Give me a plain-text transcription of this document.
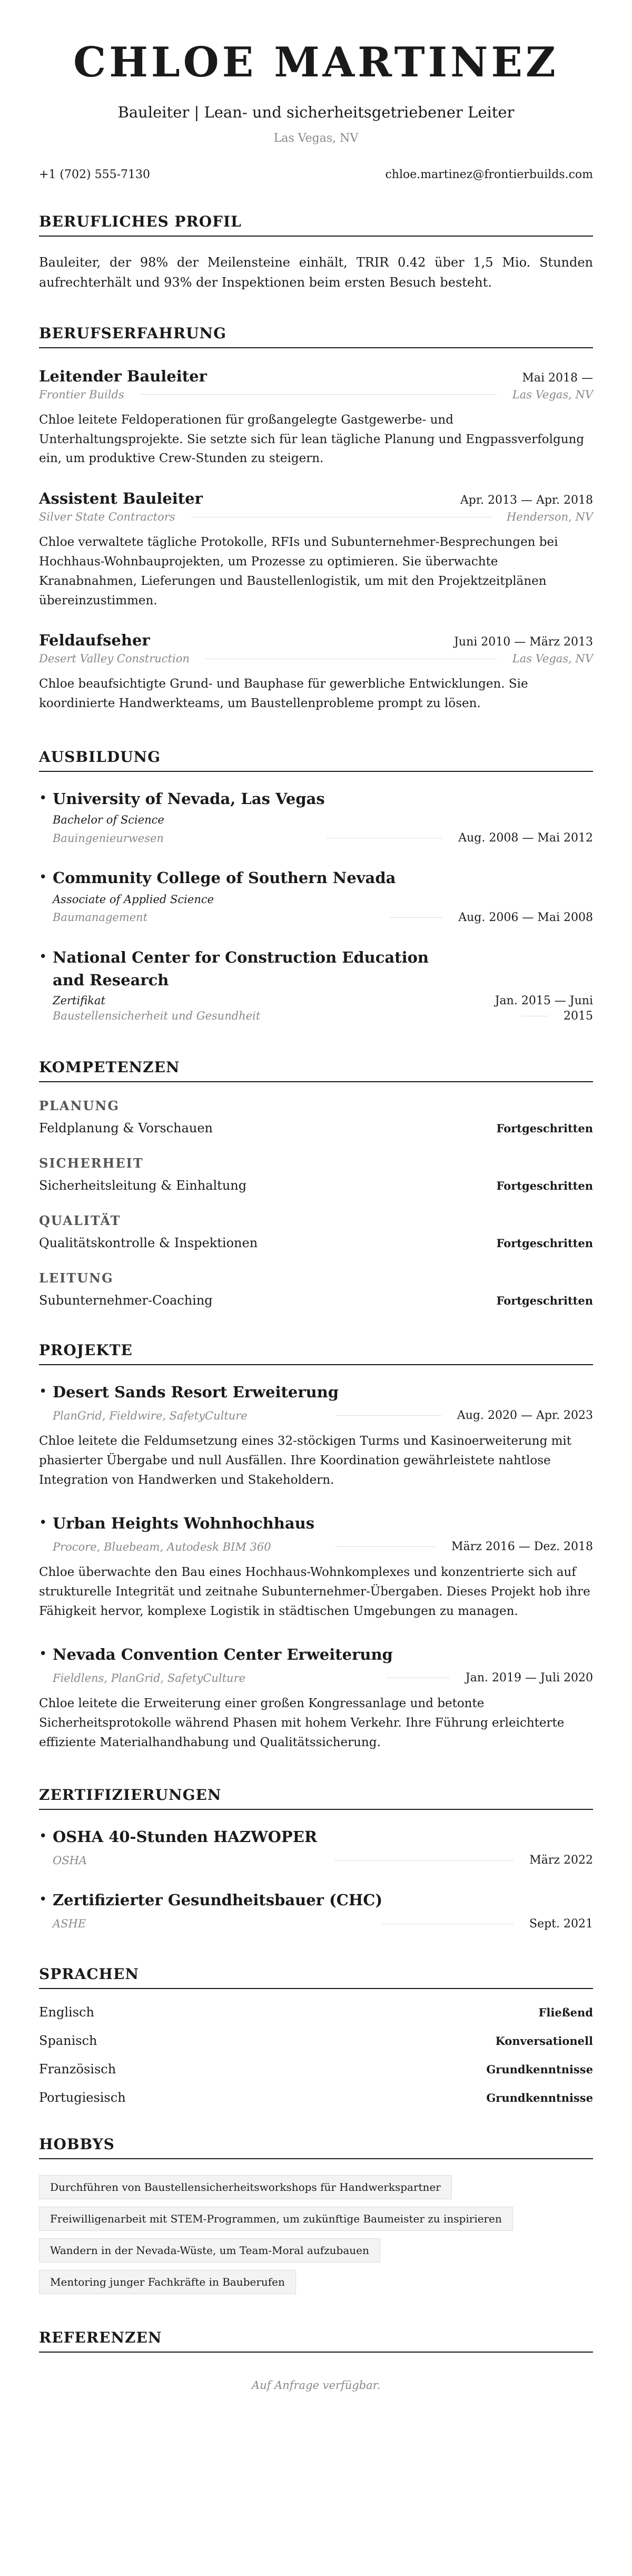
CHLOE MARTINEZ
Bauleiter | Lean- und sicherheitsgetriebener Leiter
Las Vegas, NV
+1 (702) 555-7130	chloe.martinez@frontierbuilds.com
BERUFLICHES PROFIL

Bauleiter, der 98% der Meilensteine einhält, TRIR 0.42 über 1,5 Mio. Stunden aufrechterhält und 93% der Inspektionen beim ersten Besuch besteht.

BERUFSERFAHRUNG
Leitender Bauleiter	Mai 2018 —
Frontier Builds	Las Vegas, NV
Chloe leitete Feldoperationen für großangelegte Gastgewerbe- und Unterhaltungsprojekte. Sie setzte sich für lean tägliche Planung und Engpassverfolgung ein, um produktive Crew-Stunden zu steigern.
Assistent Bauleiter	Apr. 2013 — Apr. 2018
Silver State Contractors	Henderson, NV
Chloe verwaltete tägliche Protokolle, RFIs und Subunternehmer-Besprechungen bei Hochhaus-Wohnbauprojekten, um Prozesse zu optimieren. Sie überwachte Kranabnahmen, Lieferungen und Baustellenlogistik, um mit den Projektzeitplänen übereinzustimmen.
Feldaufseher	Juni 2010 — März 2013
Desert Valley Construction	Las Vegas, NV
Chloe beaufsichtigte Grund- und Bauphase für gewerbliche Entwicklungen. Sie koordinierte Handwerkteams, um Baustellenprobleme prompt zu lösen.
AUSBILDUNG
• University of Nevada, Las Vegas
Bachelor of Science
Bauingenieurwesen	Aug. 2008 — Mai 2012
• Community College of Southern Nevada
Associate of Applied Science
Baumanagement	Aug. 2006 — Mai 2008
• National Center for Construction Education
and Research
Zertifikat	Jan. 2015 — Juni
Baustellensicherheit und Gesundheit	2015
KOMPETENZEN
PLANUNG
Feldplanung & Vorschauen	Fortgeschritten
SICHERHEIT
Sicherheitsleitung & Einhaltung	Fortgeschritten
QUALITÄT
Qualitätskontrolle & Inspektionen	Fortgeschritten
LEITUNG
Subunternehmer-Coaching	Fortgeschritten
PROJEKTE
• Desert Sands Resort Erweiterung
PlanGrid, Fieldwire, SafetyCulture	Aug. 2020 — Apr. 2023
Chloe leitete die Feldumsetzung eines 32-stöckigen Turms und Kasinoerweiterung mit phasierter Übergabe und null Ausfällen. Ihre Koordination gewährleistete nahtlose Integration von Handwerken und Stakeholdern.
• Urban Heights Wohnhochhaus
Procore, Bluebeam, Autodesk BIM 360	März 2016 — Dez. 2018
Chloe überwachte den Bau eines Hochhaus-Wohnkomplexes und konzentrierte sich auf strukturelle Integrität und zeitnahe Subunternehmer-Übergaben. Dieses Projekt hob ihre Fähigkeit hervor, komplexe Logistik in städtischen Umgebungen zu managen.
• Nevada Convention Center Erweiterung
Fieldlens, PlanGrid, SafetyCulture	Jan. 2019 — Juli 2020
Chloe leitete die Erweiterung einer großen Kongressanlage und betonte Sicherheitsprotokolle während Phasen mit hohem Verkehr. Ihre Führung erleichterte effiziente Materialhandhabung und Qualitätssicherung.
ZERTIFIZIERUNGEN
• OSHA 40-Stunden HAZWOPER
OSHA	März 2022
• Zertifizierter Gesundheitsbauer (CHC)
ASHE	Sept. 2021
SPRACHEN
Englisch	Fließend
Spanisch	Konversationell
Französisch	Grundkenntnisse
Portugiesisch	Grundkenntnisse
HOBBYS
Durchführen von Baustellensicherheitsworkshops für Handwerkspartner
Freiwilligenarbeit mit STEM-Programmen, um zukünftige Baumeister zu inspirieren
Wandern in der Nevada-Wüste, um Team-Moral aufzubauen
Mentoring junger Fachkräfte in Bauberufen
REFERENZEN
Auf Anfrage verfügbar.
